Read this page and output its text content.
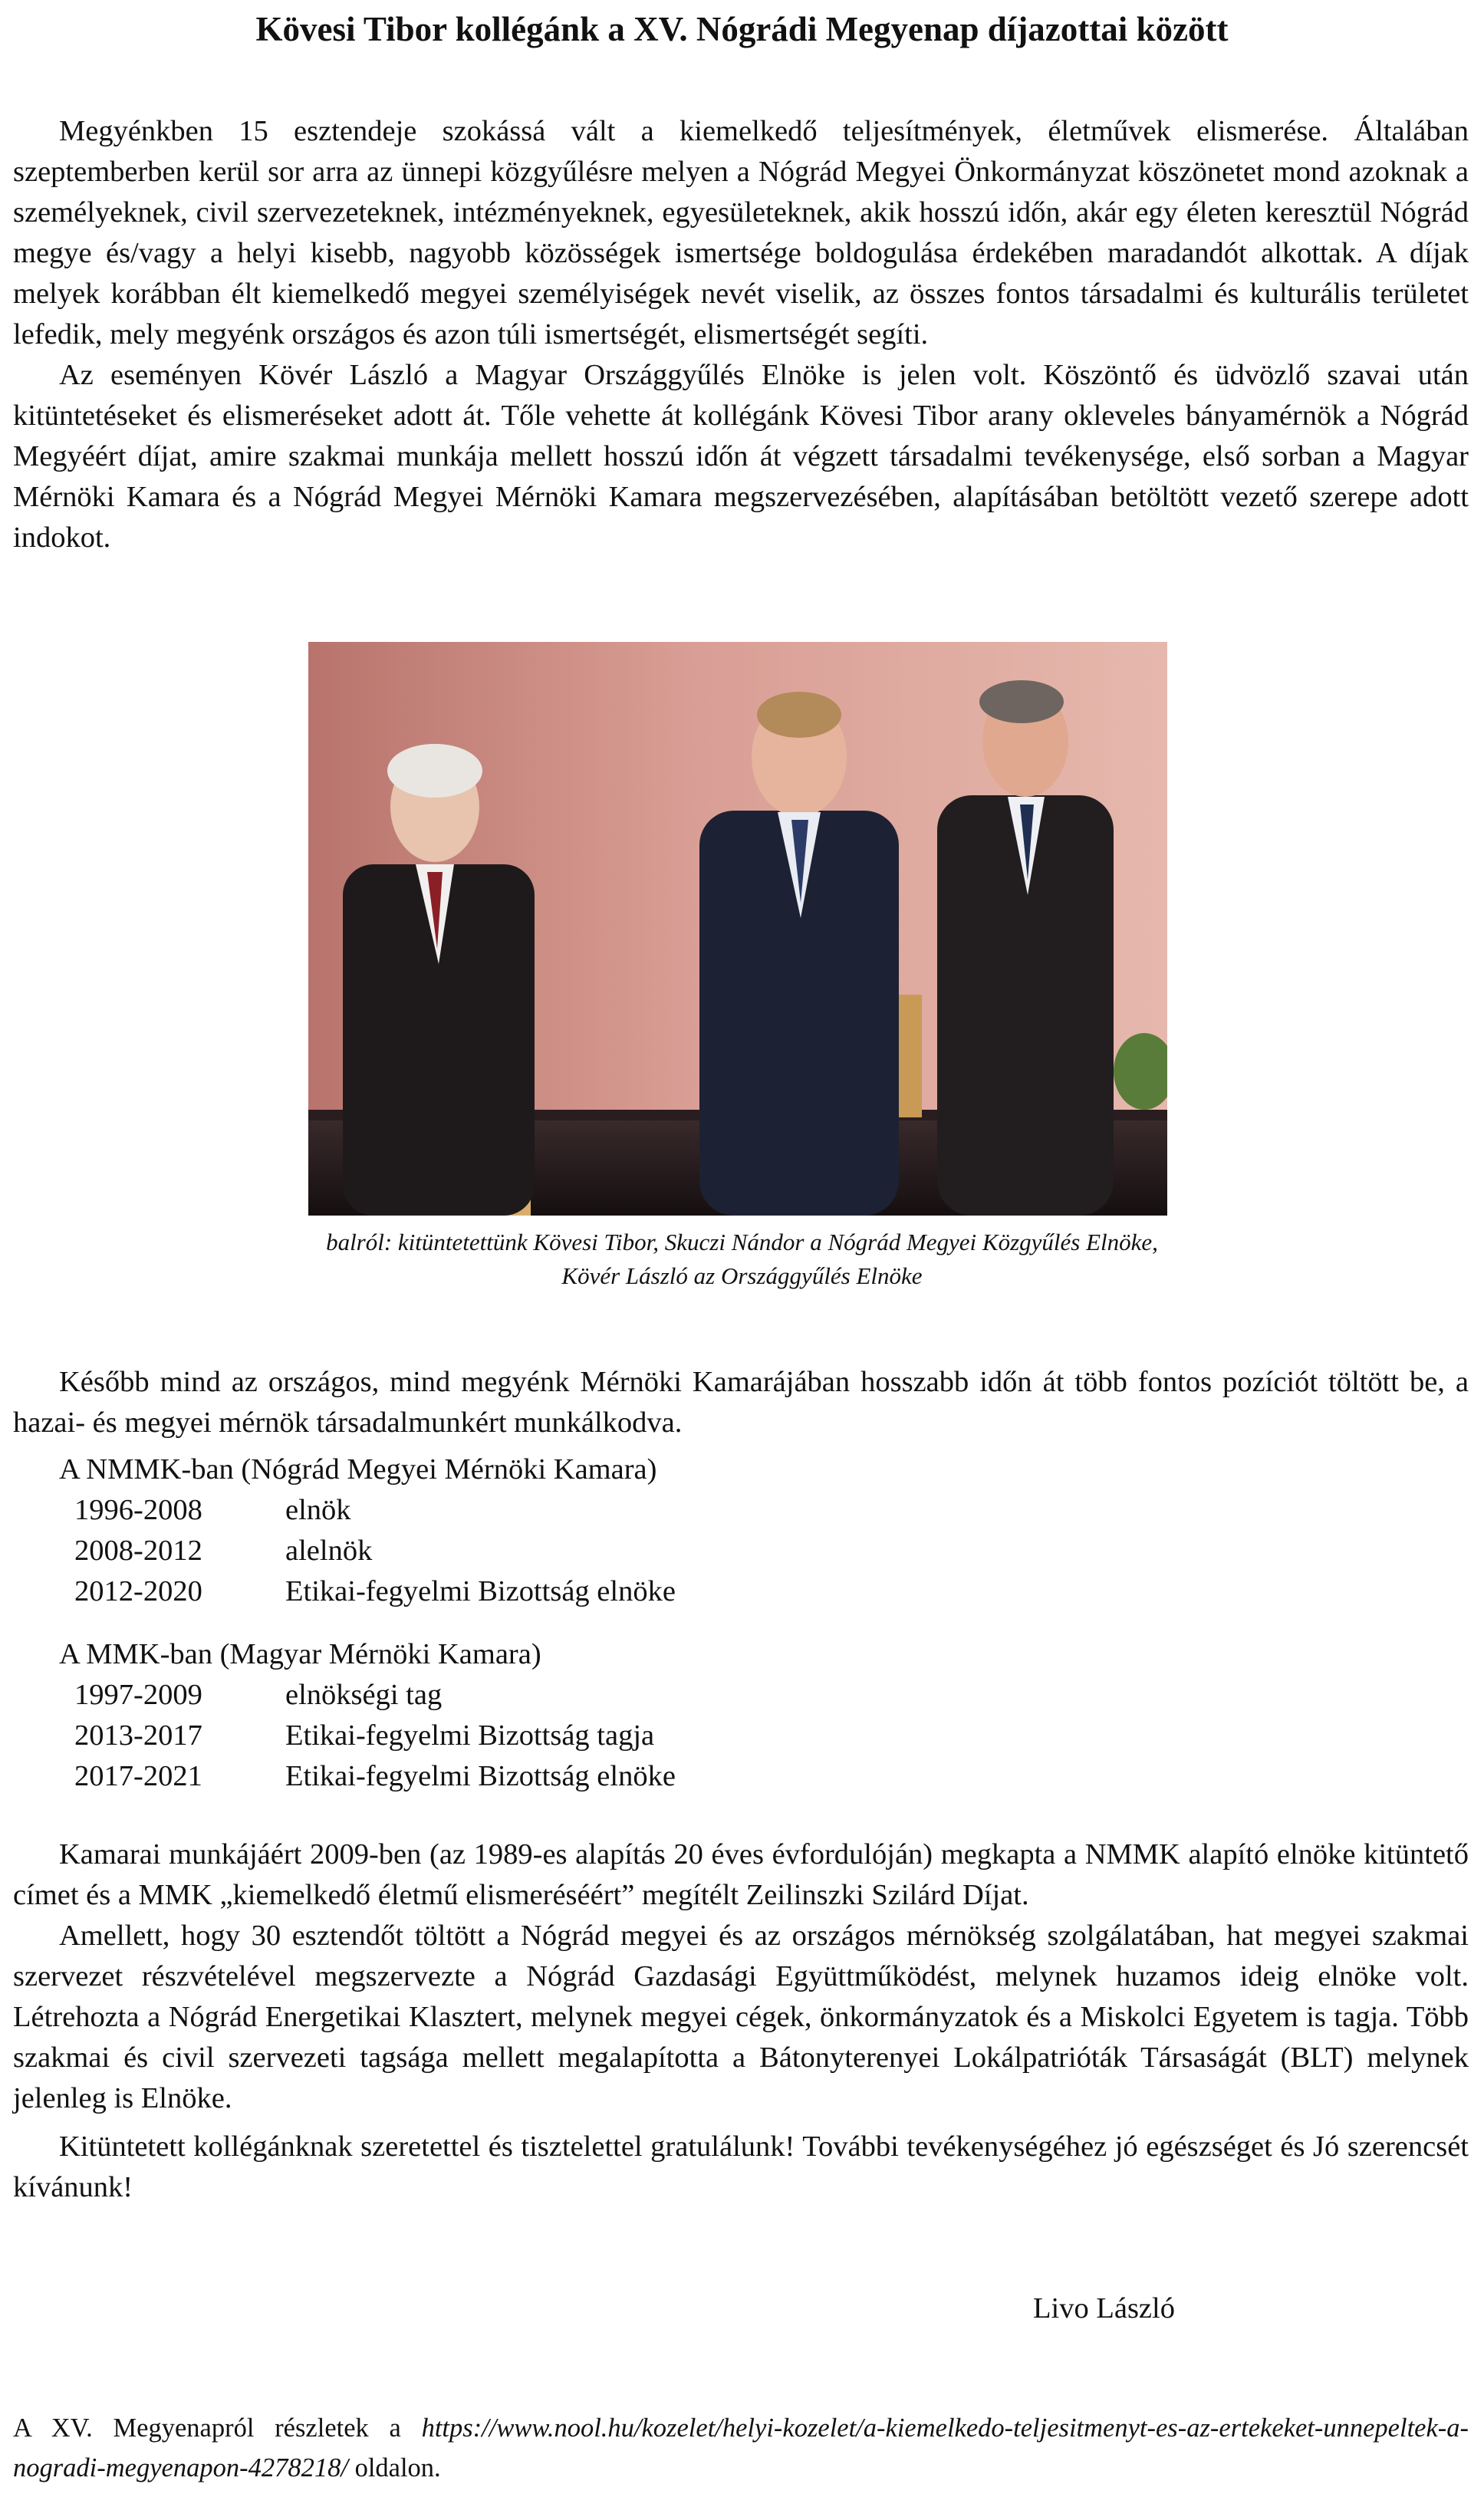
Kövesi Tibor kollégánk a XV. Nógrádi Megyenap díjazottai között

Megyénkben 15 esztendeje szokássá vált a kiemelkedő teljesítmények, életművek elismerése. Általában szeptemberben kerül sor arra az ünnepi közgyűlésre melyen a Nógrád Megyei Önkormányzat köszönetet mond azoknak a személyeknek, civil szervezeteknek, intézményeknek, egyesületeknek, akik hosszú időn, akár egy életen keresztül Nógrád megye és/vagy a helyi kisebb, nagyobb közösségek ismertsége boldogulása érdekében maradandót alkottak. A díjak melyek korábban élt kiemelkedő megyei személyiségek nevét viselik, az összes fontos társadalmi és kulturális területet lefedik, mely megyénk országos és azon túli ismertségét, elismertségét segíti.

Az eseményen Kövér László a Magyar Országgyűlés Elnöke is jelen volt. Köszöntő és üdvözlő szavai után kitüntetéseket és elismeréseket adott át. Tőle vehette át kollégánk Kövesi Tibor arany okleveles bányamérnök a Nógrád Megyéért díjat, amire szakmai munkája mellett hosszú időn át végzett társadalmi tevékenysége, első sorban a Magyar Mérnöki Kamara és a Nógrád Megyei Mérnöki Kamara megszervezésében, alapításában betöltött vezető szerepe adott indokot.

balról: kitüntetettünk Kövesi Tibor, Skuczi Nándor a Nógrád Megyei Közgyűlés Elnöke,
Kövér László az Országgyűlés Elnöke

Később mind az országos, mind megyénk Mérnöki Kamarájában hosszabb időn át több fontos pozíciót töltött be, a hazai- és megyei mérnök társadalmunkért munkálkodva.

A NMMK-ban (Nógrád Megyei Mérnöki Kamara)
1996-2008	elnök
2008-2012	alelnök
2012-2020	Etikai-fegyelmi Bizottság elnöke
A MMK-ban (Magyar Mérnöki Kamara)
1997-2009	elnökségi tag
2013-2017	Etikai-fegyelmi Bizottság tagja
2017-2021	Etikai-fegyelmi Bizottság elnöke

Kamarai munkájáért 2009-ben (az 1989-es alapítás 20 éves évfordulóján) megkapta a NMMK alapító elnöke kitüntető címet és a MMK „kiemelkedő életmű elismeréséért” megítélt Zeilinszki Szilárd Díjat.

Amellett, hogy 30 esztendőt töltött a Nógrád megyei és az országos mérnökség szolgálatában, hat megyei szakmai szervezet részvételével megszervezte a Nógrád Gazdasági Együttműködést, melynek huzamos ideig elnöke volt. Létrehozta a Nógrád Energetikai Klasztert, melynek megyei cégek, önkormányzatok és a Miskolci Egyetem is tagja. Több szakmai és civil szervezeti tagsága mellett megalapította a Bátonyterenyei Lokálpatrióták Társaságát (BLT) melynek jelenleg is Elnöke.

Kitüntetett kollégánknak szeretettel és tisztelettel gratulálunk! További tevékenységéhez jó egészséget és Jó szerencsét kívánunk!

Livo László
A XV. Megyenapról részletek a https://www.nool.hu/kozelet/helyi-kozelet/a-kiemelkedo-teljesitmenyt-es-az-ertekeket-unnepeltek-a-nogradi-megyenapon-4278218/ oldalon.
